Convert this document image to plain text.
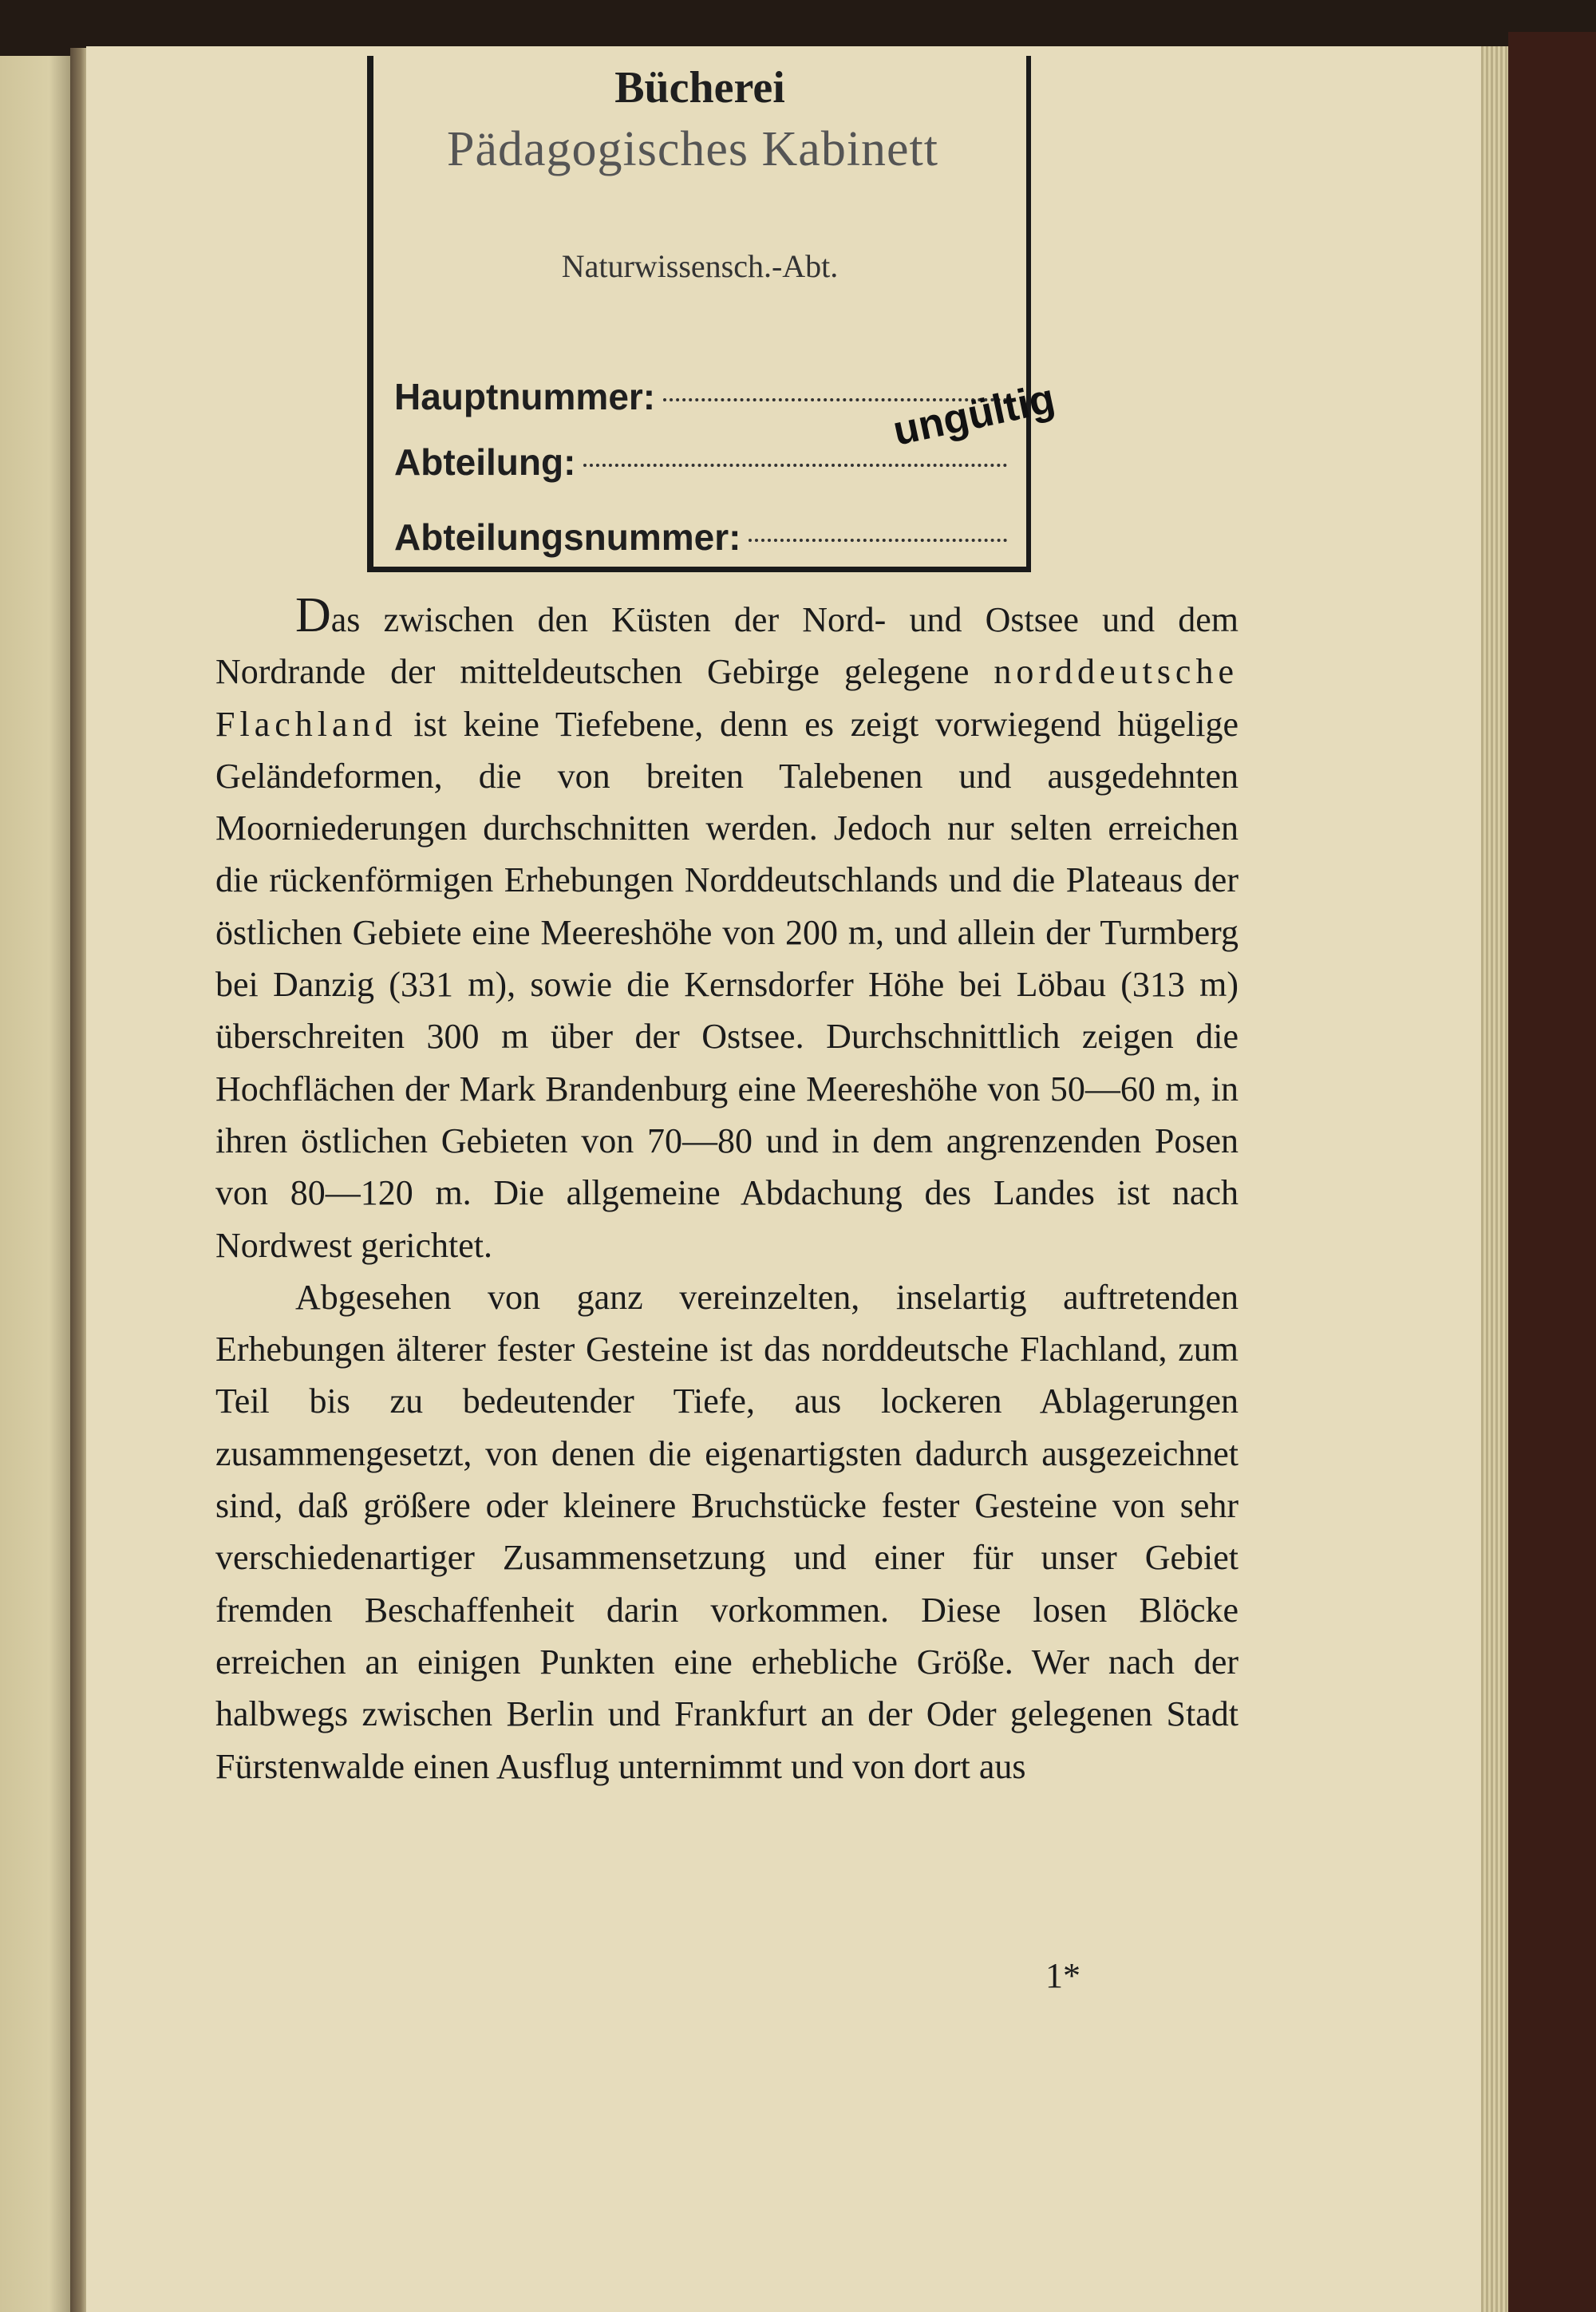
Bücherei
Pädagogisches Kabinett
Naturwissensch.-Abt.
Hauptnummer:
Abteilung:
Abteilungsnummer:
ungültig

Das zwischen den Küsten der Nord- und Ostsee und dem Nordrande der mitteldeutschen Gebirge gelegene norddeutsche Flachland ist keine Tiefebene, denn es zeigt vorwiegend hügelige Geländeformen, die von breiten Talebenen und ausgedehnten Moorniederungen durchschnitten werden. Jedoch nur selten erreichen die rückenförmigen Erhebungen Norddeutschlands und die Plateaus der östlichen Gebiete eine Meereshöhe von 200 m, und allein der Turmberg bei Danzig (331 m), sowie die Kernsdorfer Höhe bei Löbau (313 m) überschreiten 300 m über der Ostsee. Durchschnittlich zeigen die Hochflächen der Mark Brandenburg eine Meereshöhe von 50—60 m, in ihren östlichen Gebieten von 70—80 und in dem angrenzenden Posen von 80—120 m. Die allgemeine Abdachung des Landes ist nach Nordwest gerichtet.

Abgesehen von ganz vereinzelten, inselartig auftretenden Erhebungen älterer fester Gesteine ist das norddeutsche Flachland, zum Teil bis zu bedeutender Tiefe, aus lockeren Ablagerungen zusammengesetzt, von denen die eigenartigsten dadurch ausgezeichnet sind, daß größere oder kleinere Bruchstücke fester Gesteine von sehr verschiedenartiger Zusammensetzung und einer für unser Gebiet fremden Beschaffenheit darin vorkommen. Diese losen Blöcke erreichen an einigen Punkten eine erhebliche Größe. Wer nach der halbwegs zwischen Berlin und Frankfurt an der Oder gelegenen Stadt Fürstenwalde einen Ausflug unternimmt und von dort aus

1*
